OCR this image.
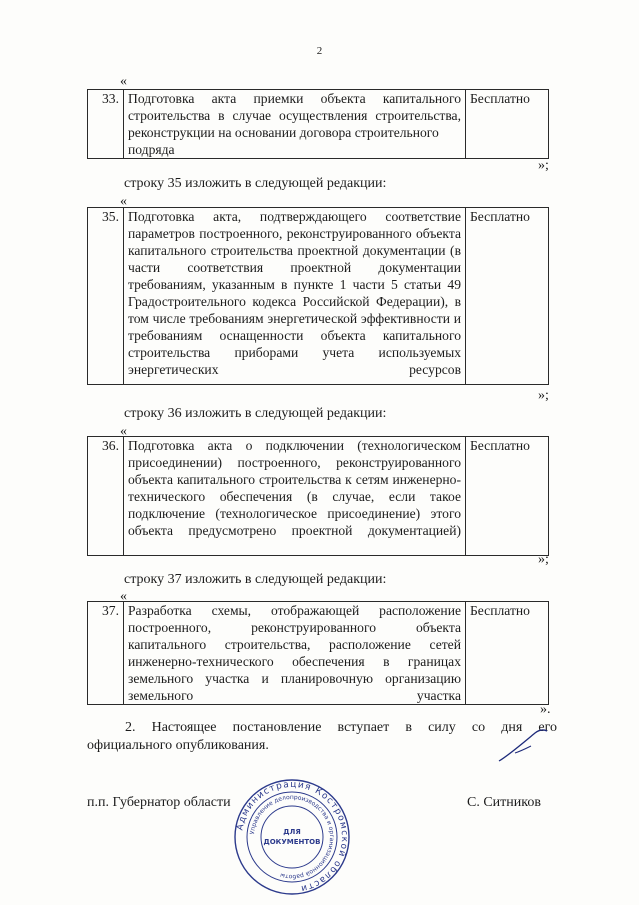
2
«
33.	Подготовка акта приемки объекта капитального
строительства в случае осуществления строительства,
реконструкции на основании договора строительного
подряда
	Бесплатно
»;
строку 35 изложить в следующей редакции:
«
35.	Подготовка акта, подтверждающего соответствие параметров построенного, реконструированного объекта капитального строительства проектной документации (в части соответствия проектной документации требованиям, указанным в пункте 1 части 5 статьи 49 Градостроительного кодекса Российской Федерации), в том числе требованиям энергетической эффективности и требованиям оснащенности объекта капитального строительства приборами учета используемых энергетических ресурсов	Бесплатно
»;
строку 36 изложить в следующей редакции:
«
36.	Подготовка акта о подключении (технологическом присоединении) построенного, реконструированного объекта капитального строительства к сетям инженерно-технического обеспечения (в случае, если такое подключение (технологическое присоединение) этого объекта предусмотрено проектной документацией)	Бесплатно
»;
строку 37 изложить в следующей редакции:
«
37.	Разработка схемы, отображающей расположение построенного, реконструированного объекта капитального строительства, расположение сетей инженерно-технического обеспечения в границах земельного участка и планировочную организацию земельного участка	Бесплатно
».
2. Настоящее постановление вступает в силу со дня его
официального опубликования.
п.п. Губернатор области	С. Ситников
Администрация Костромской области
Управление делопроизводства и организационной работы
ДЛЯ
ДОКУМЕНТОВ
